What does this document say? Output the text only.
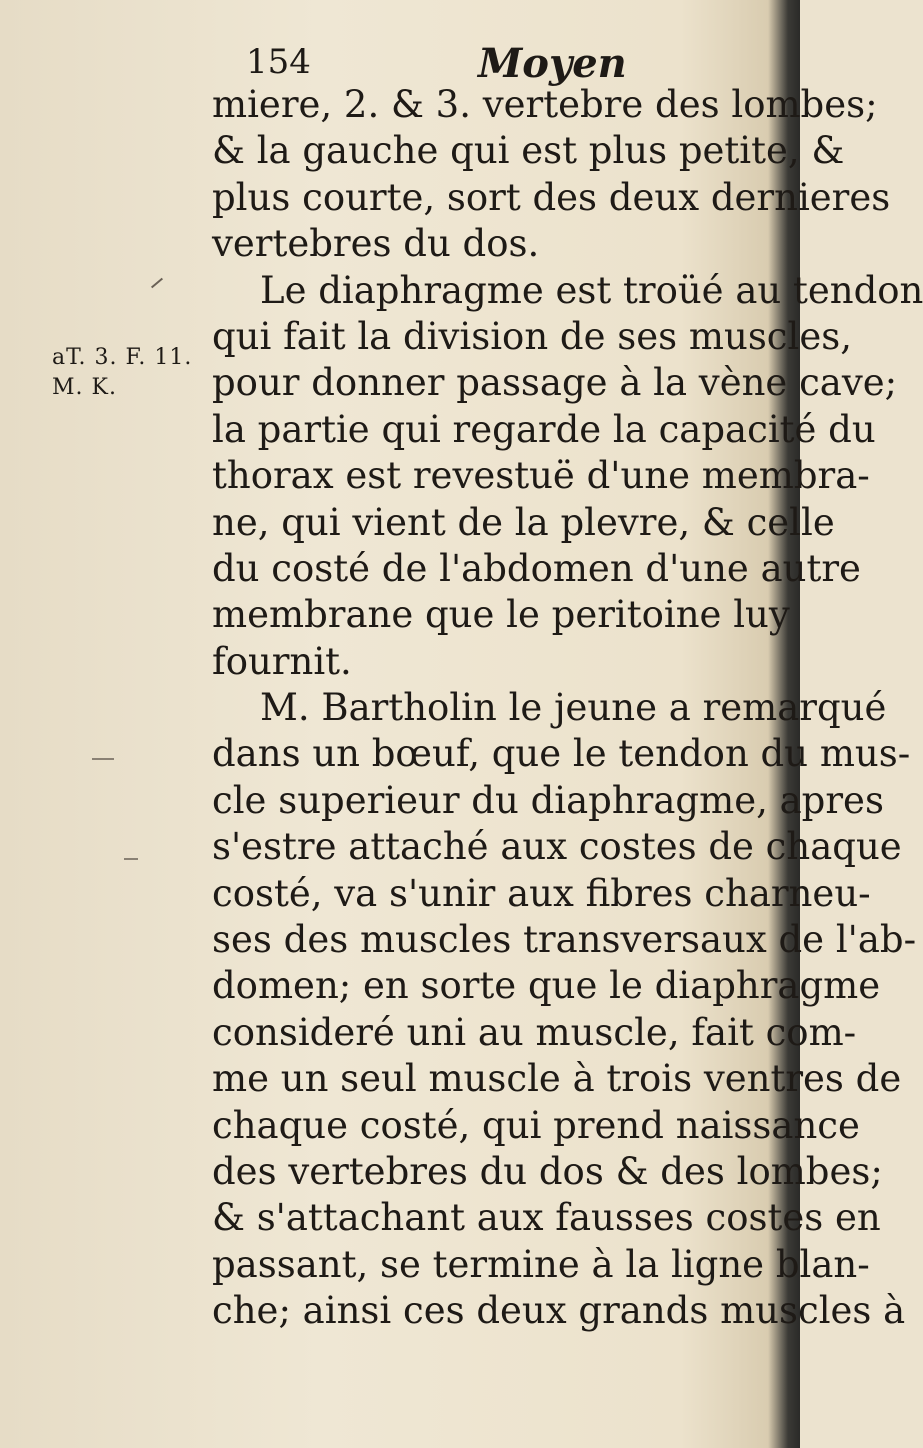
154	Moyen
aT. 3. F. 11.
M. K.
miere, 2. & 3. vertebre des lombes;
& la gauche qui est plus petite, &
plus courte, sort des deux dernieres
vertebres du dos.
Le diaphragme est troüé au tendon
qui fait la division de ses muscles,
pour donner passage à la vène cave;
la partie qui regarde la capacité du
thorax est revestuë d'une membra-
ne, qui vient de la plevre, & celle
du costé de l'abdomen d'une autre
membrane que le peritoine luy
fournit.
M. Bartholin le jeune a remarqué
dans un bœuf, que le tendon du mus-
cle superieur du diaphragme, apres
s'estre attaché aux costes de chaque
costé, va s'unir aux fibres charneu-
ses des muscles transversaux de l'ab-
domen; en sorte que le diaphragme
consideré uni au muscle, fait com-
me un seul muscle à trois ventres de
chaque costé, qui prend naissance
des vertebres du dos & des lombes;
& s'attachant aux fausses costes en
passant, se termine à la ligne blan-
che; ainsi ces deux grands muscles à
